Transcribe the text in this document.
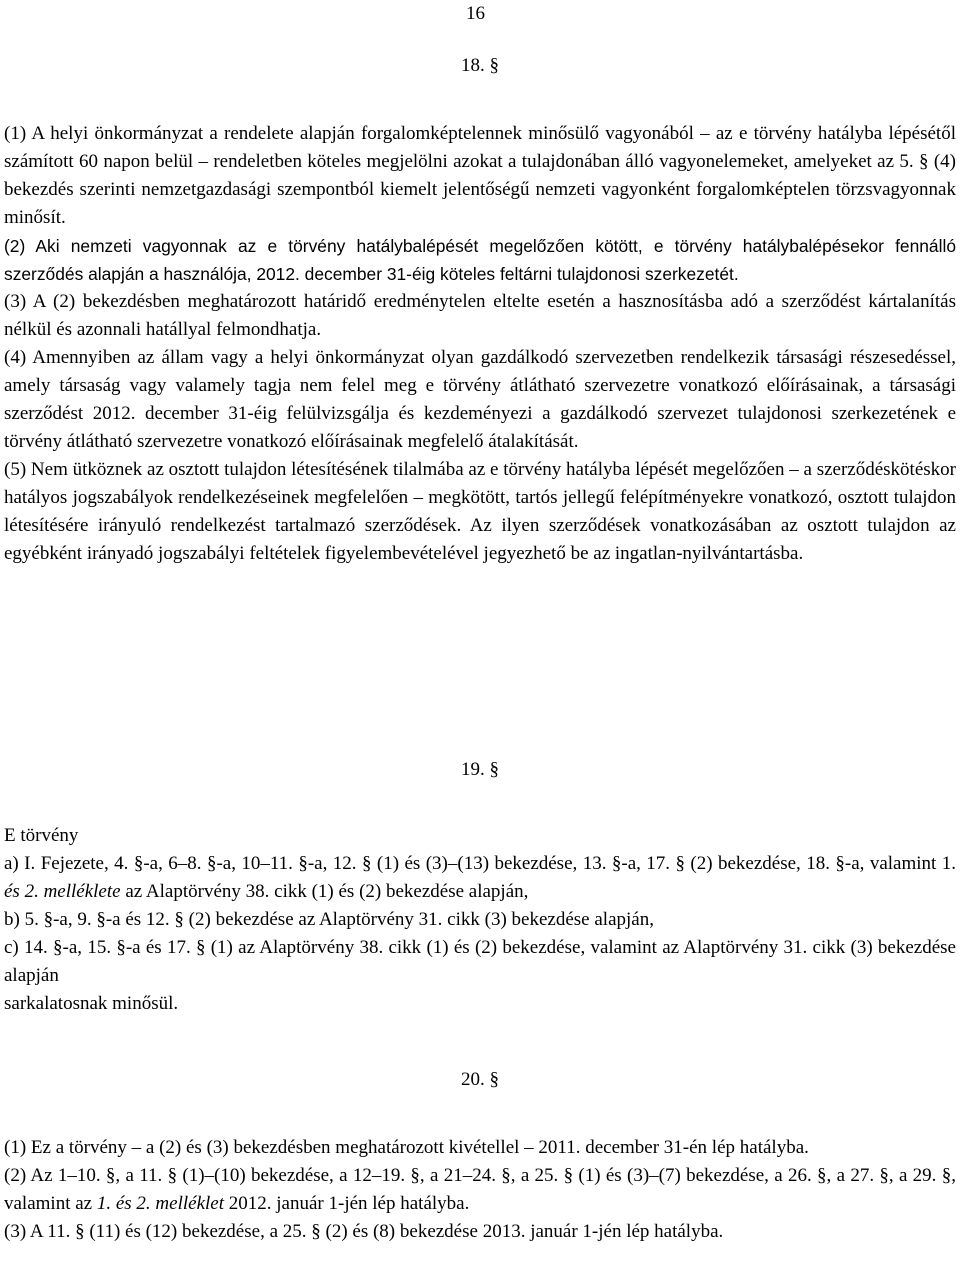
16
18. §

(1) A helyi önkormányzat a rendelete alapján forgalomképtelennek minősülő vagyonából ‒ az e törvény hatályba lépésétől számított 60 napon belül ‒ rendeletben köteles megjelölni azokat a tulajdonában álló vagyonelemeket, amelyeket az 5. § (4) bekezdés szerinti nemzetgazdasági szempontból kiemelt jelentőségű nemzeti vagyonként forgalomképtelen törzsvagyonnak minősít.

(2) Aki nemzeti vagyonnak az e törvény hatálybalépését megelőzően kötött, e törvény hatálybalépésekor fennálló szerződés alapján a használója, 2012. december 31-éig köteles feltárni tulajdonosi szerkezetét.

(3) A (2) bekezdésben meghatározott határidő eredménytelen eltelte esetén a hasznosításba adó a szerződést kártalanítás nélkül és azonnali hatállyal felmondhatja.

(4) Amennyiben az állam vagy a helyi önkormányzat olyan gazdálkodó szervezetben rendelkezik társasági részesedéssel, amely társaság vagy valamely tagja nem felel meg e törvény átlátható szervezetre vonatkozó előírásainak, a társasági szerződést 2012. december 31-éig felülvizsgálja és kezdeményezi a gazdálkodó szervezet tulajdonosi szerkezetének e törvény átlátható szervezetre vonatkozó előírásainak megfelelő átalakítását.

(5) Nem ütköznek az osztott tulajdon létesítésének tilalmába az e törvény hatályba lépését megelőzően ‒ a szerződéskötéskor hatályos jogszabályok rendelkezéseinek megfelelően ‒ megkötött, tartós jellegű felépítményekre vonatkozó, osztott tulajdon létesítésére irányuló rendelkezést tartalmazó szerződések. Az ilyen szerződések vonatkozásában az osztott tulajdon az egyébként irányadó jogszabályi feltételek figyelembevételével jegyezhető be az ingatlan-nyilvántartásba.

19. §

E törvény

a) I. Fejezete, 4. §-a, 6‒8. §-a, 10‒11. §-a, 12. § (1) és (3)‒(13) bekezdése, 13. §-a, 17. § (2) bekezdése, 18. §-a, valamint 1. és 2. melléklete az Alaptörvény 38. cikk (1) és (2) bekezdése alapján,

b) 5. §-a, 9. §-a és 12. § (2) bekezdése az Alaptörvény 31. cikk (3) bekezdése alapján,

c) 14. §-a, 15. §-a és 17. § (1) az Alaptörvény 38. cikk (1) és (2) bekezdése, valamint az Alaptörvény 31. cikk (3) bekezdése alapján

sarkalatosnak minősül.

20. §

(1) Ez a törvény ‒ a (2) és (3) bekezdésben meghatározott kivétellel ‒ 2011. december 31-én lép hatályba.

(2) Az 1‒10. §, a 11. § (1)‒(10) bekezdése, a 12‒19. §, a 21‒24. §, a 25. § (1) és (3)‒(7) bekezdése, a 26. §, a 27. §, a 29. §, valamint az 1. és 2. melléklet 2012. január 1-jén lép hatályba.

(3) A 11. § (11) és (12) bekezdése, a 25. § (2) és (8) bekezdése 2013. január 1-jén lép hatályba.
